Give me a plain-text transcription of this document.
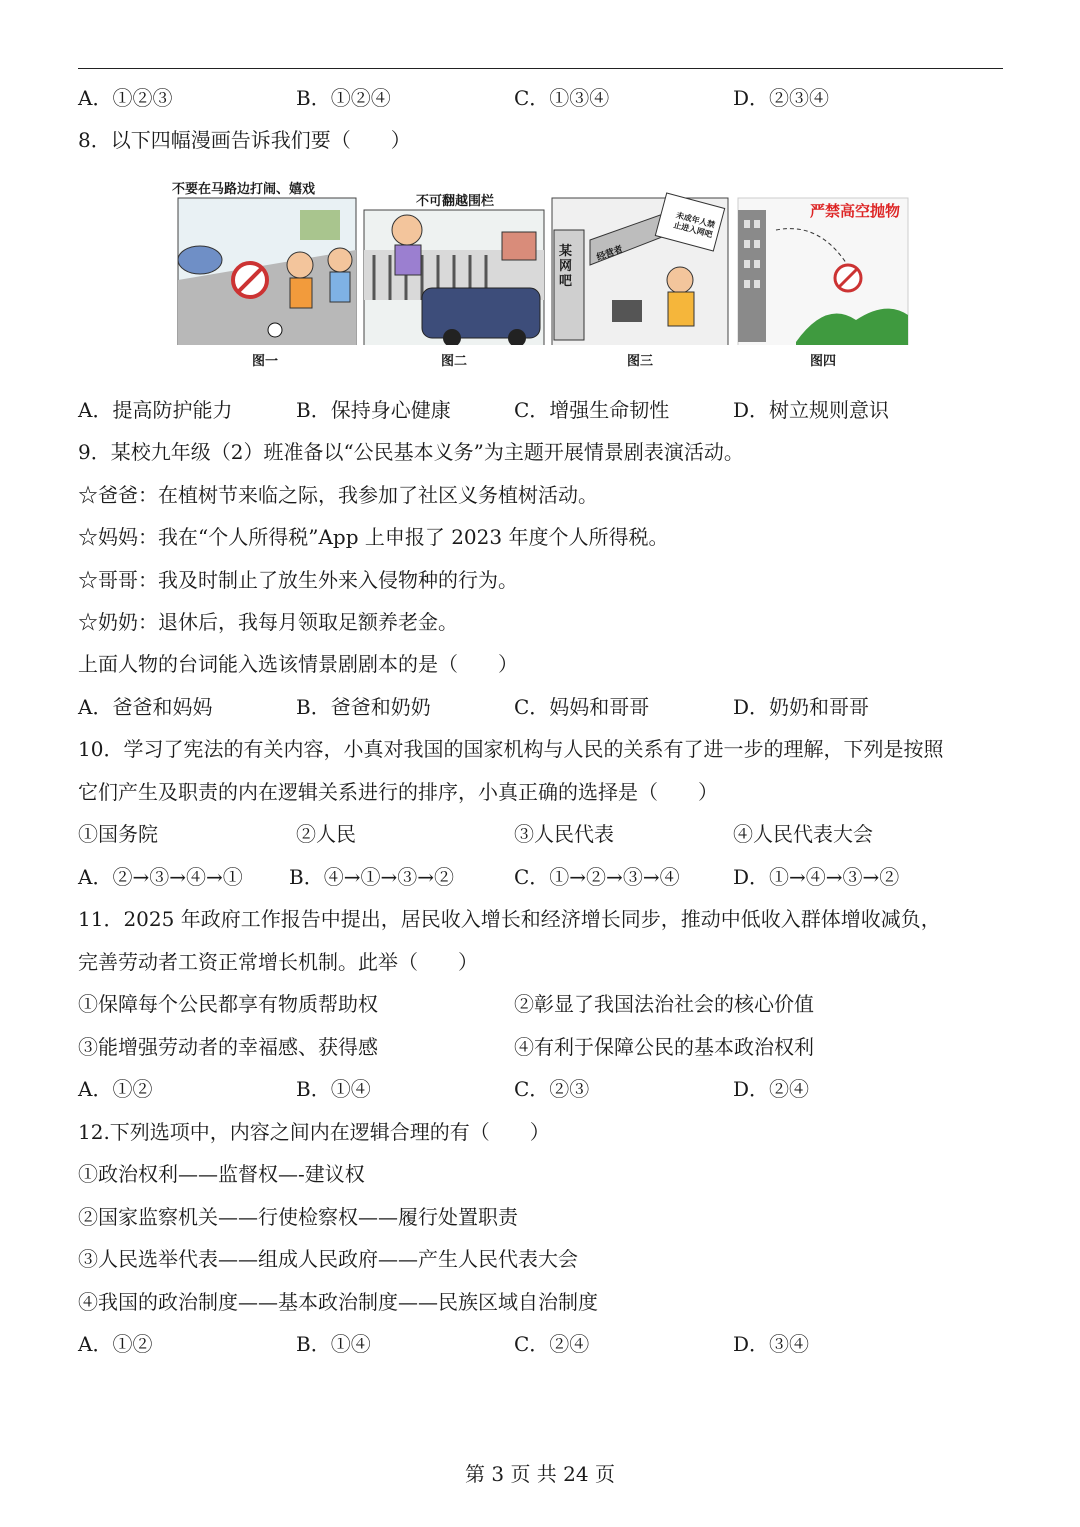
A．①②③	B．①②④	C．①③④	D．②③④
8．以下四幅漫画告诉我们要（　　）
不要在马路边打闹、嬉戏
图一
不可翻越围栏
图二
某网吧
未成年人禁止进入网吧
经营者
图三
严禁高空抛物
图四
A．提高防护能力	B．保持身心健康	C．增强生命韧性	D．树立规则意识
9．某校九年级（2）班准备以“公民基本义务”为主题开展情景剧表演活动。
☆爸爸：在植树节来临之际，我参加了社区义务植树活动。
☆妈妈：我在“个人所得税”App 上申报了 2023 年度个人所得税。
☆哥哥：我及时制止了放生外来入侵物种的行为。
☆奶奶：退休后，我每月领取足额养老金。
上面人物的台词能入选该情景剧剧本的是（　　）
A．爸爸和妈妈	B．爸爸和奶奶	C．妈妈和哥哥	D．奶奶和哥哥
10．学习了宪法的有关内容，小真对我国的国家机构与人民的关系有了进一步的理解，下列是按照
它们产生及职责的内在逻辑关系进行的排序，小真正确的选择是（　　）
①国务院	②人民	③人民代表	④人民代表大会
A．②→③→④→① B．④→①→③→②	C．①→②→③→④	D．①→④→③→②
11．2025 年政府工作报告中提出，居民收入增长和经济增长同步，推动中低收入群体增收减负，
完善劳动者工资正常增长机制。此举（　　）
①保障每个公民都享有物质帮助权	②彰显了我国法治社会的核心价值
③能增强劳动者的幸福感、获得感	④有利于保障公民的基本政治权利
A．①②	B．①④	C．②③	D．②④
12.下列选项中，内容之间内在逻辑合理的有（　　）
①政治权利——监督权—-建议权
②国家监察机关——行使检察权——履行处置职责
③人民选举代表——组成人民政府——产生人民代表大会
④我国的政治制度——基本政治制度——民族区域自治制度
A．①②	B．①④	C．②④	D．③④
第 3 页 共 24 页
